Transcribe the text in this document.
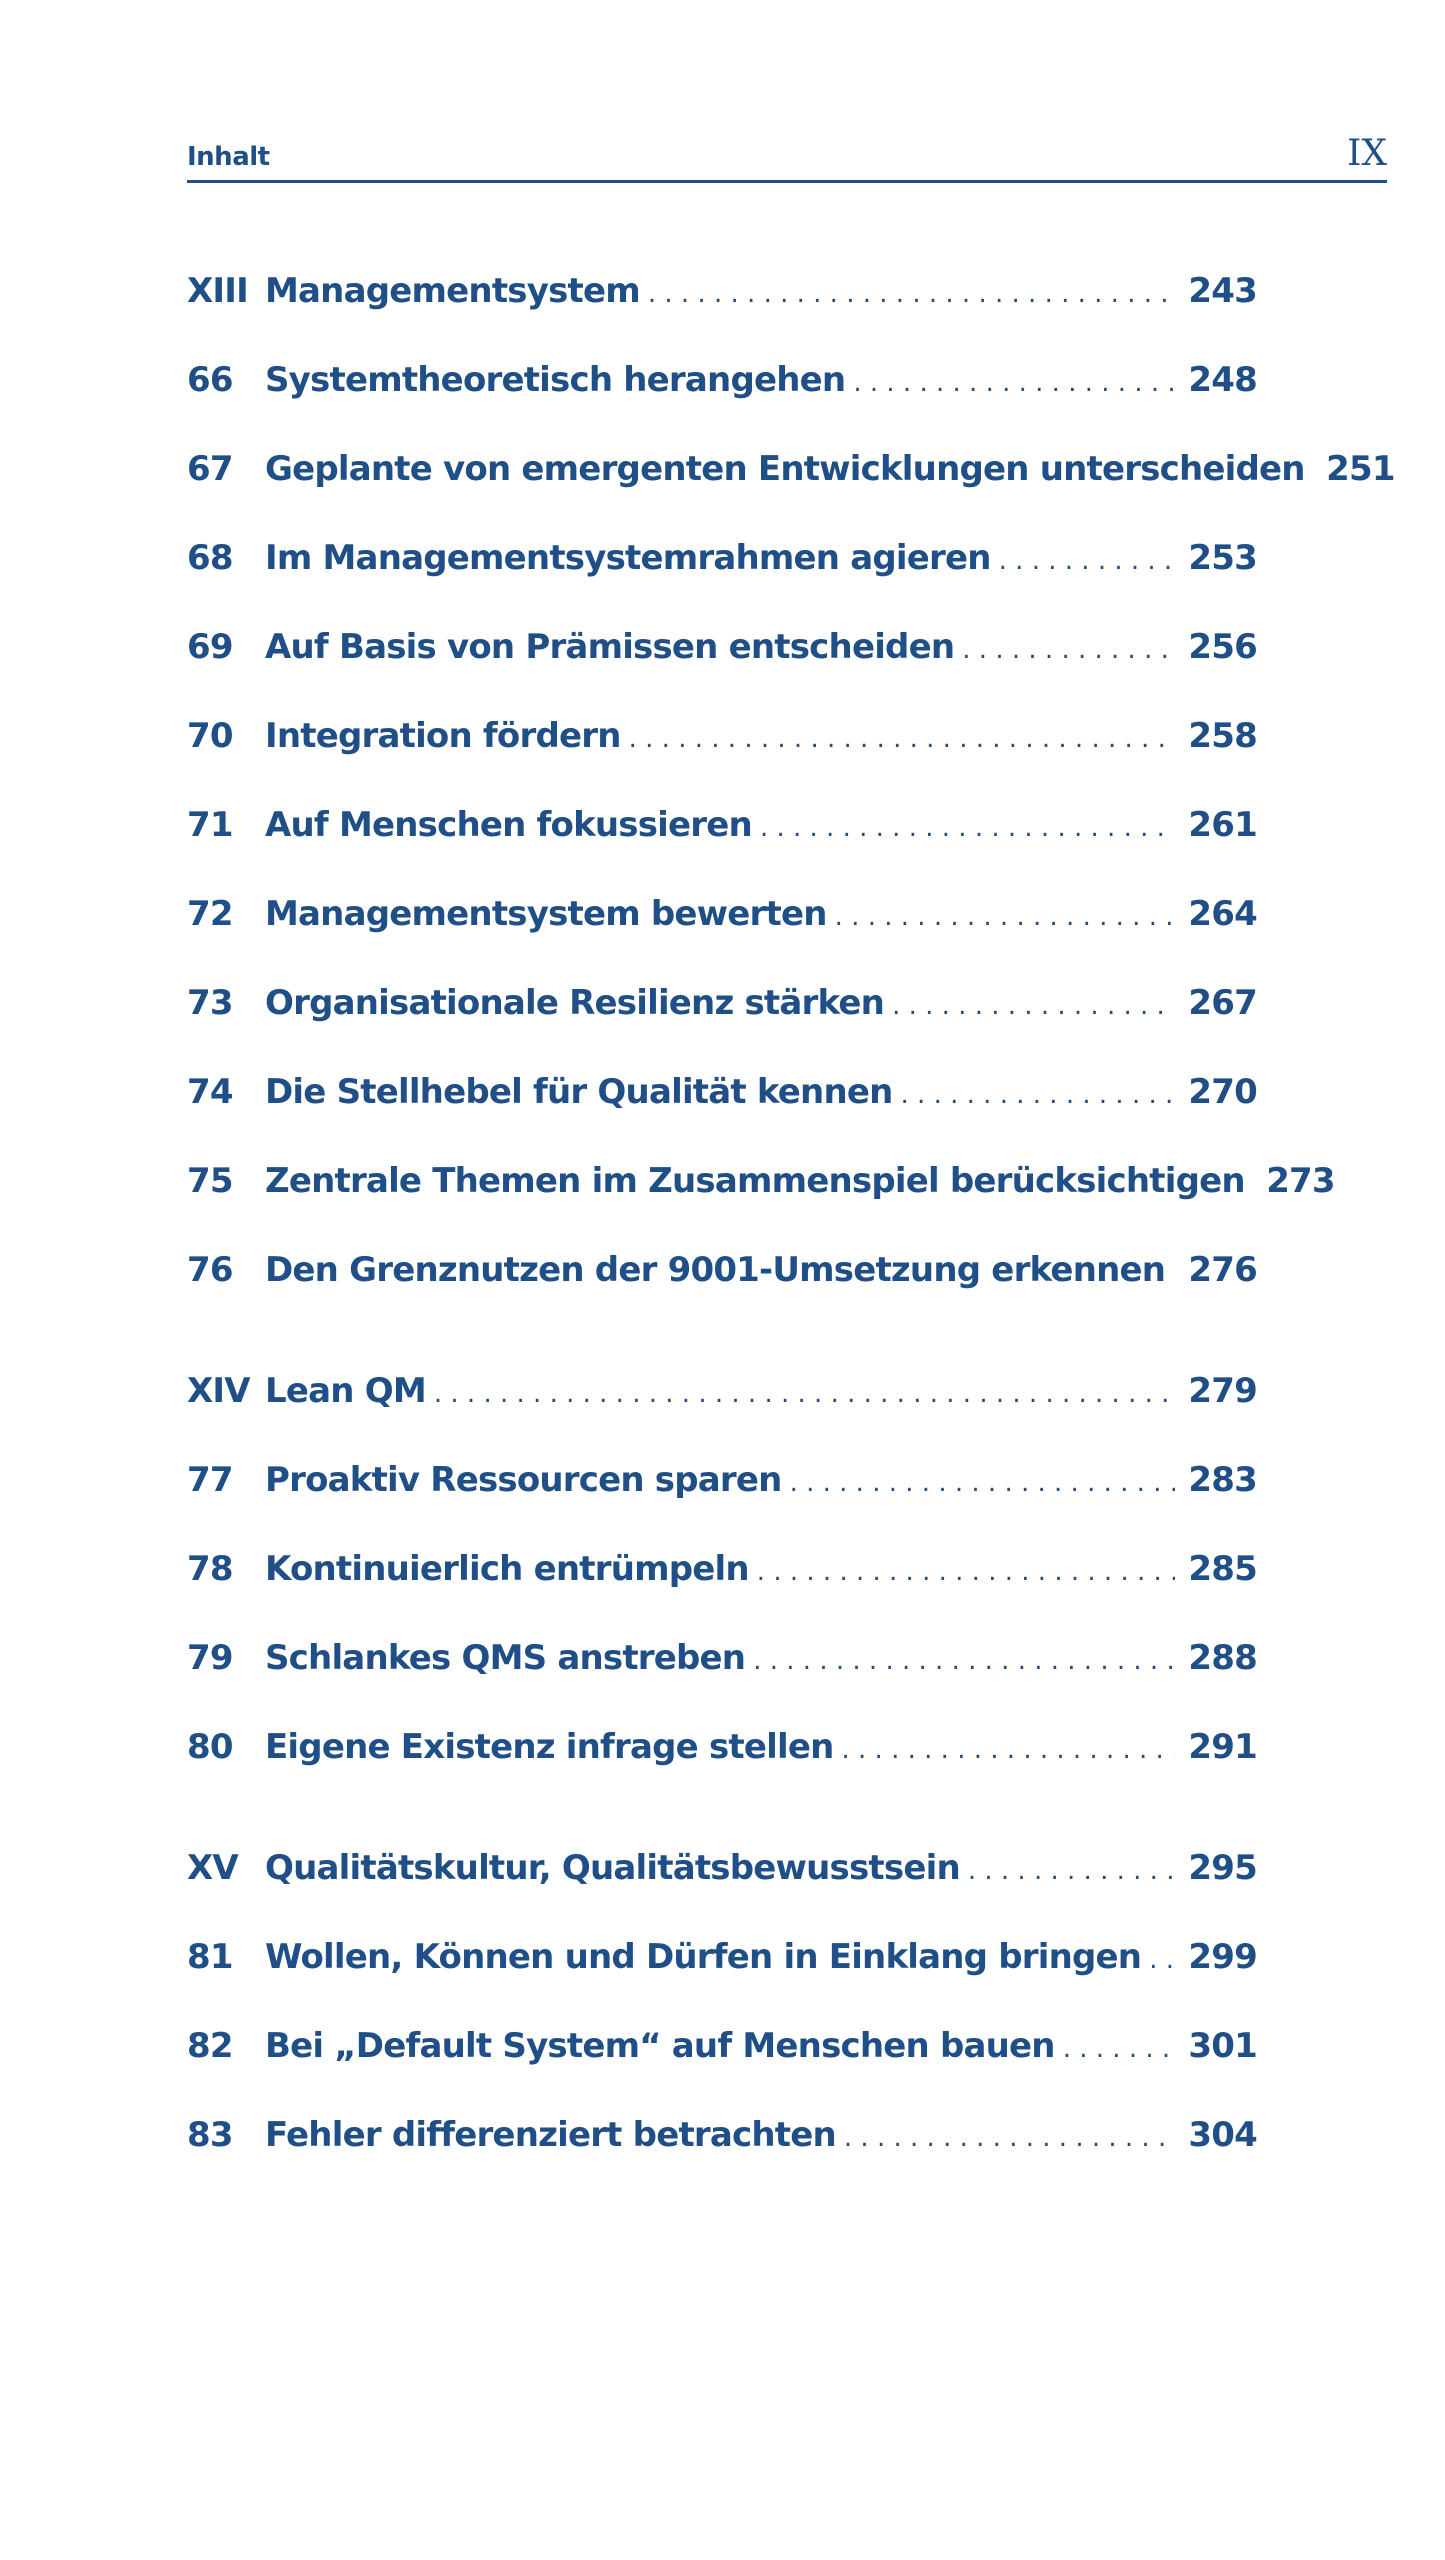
Inhalt	IX
XIII Managementsystem . . .	243
66 Systemtheoretisch herangehen . . .	248
67 Geplante von emergenten Entwicklungen unterscheiden 251
68 Im Managementsystemrahmen agieren . . .	253
69 Auf Basis von Prämissen entscheiden . . .	256
70 Integration fördern . . .	258
71 Auf Menschen fokussieren . . .	261
72 Managementsystem bewerten . . .	264
73 Organisationale Resilienz stärken . . .	267
74 Die Stellhebel für Qualität kennen . . .	270
75 Zentrale Themen im Zusammenspiel berücksichtigen 273
76 Den Grenznutzen der 9001-Umsetzung erkennen . . . 276
XIV Lean QM . . .	279
77 Proaktiv Ressourcen sparen . . .	283
78 Kontinuierlich entrümpeln . . .	285
79 Schlankes QMS anstreben . . .	288
80 Eigene Existenz infrage stellen . . .	291
XV Qualitätskultur, Qualitätsbewusstsein . . .	295
81 Wollen, Können und Dürfen in Einklang bringen . . .	299
82 Bei „Default System“ auf Menschen bauen . . .	301
83 Fehler differenziert betrachten . . .	304
